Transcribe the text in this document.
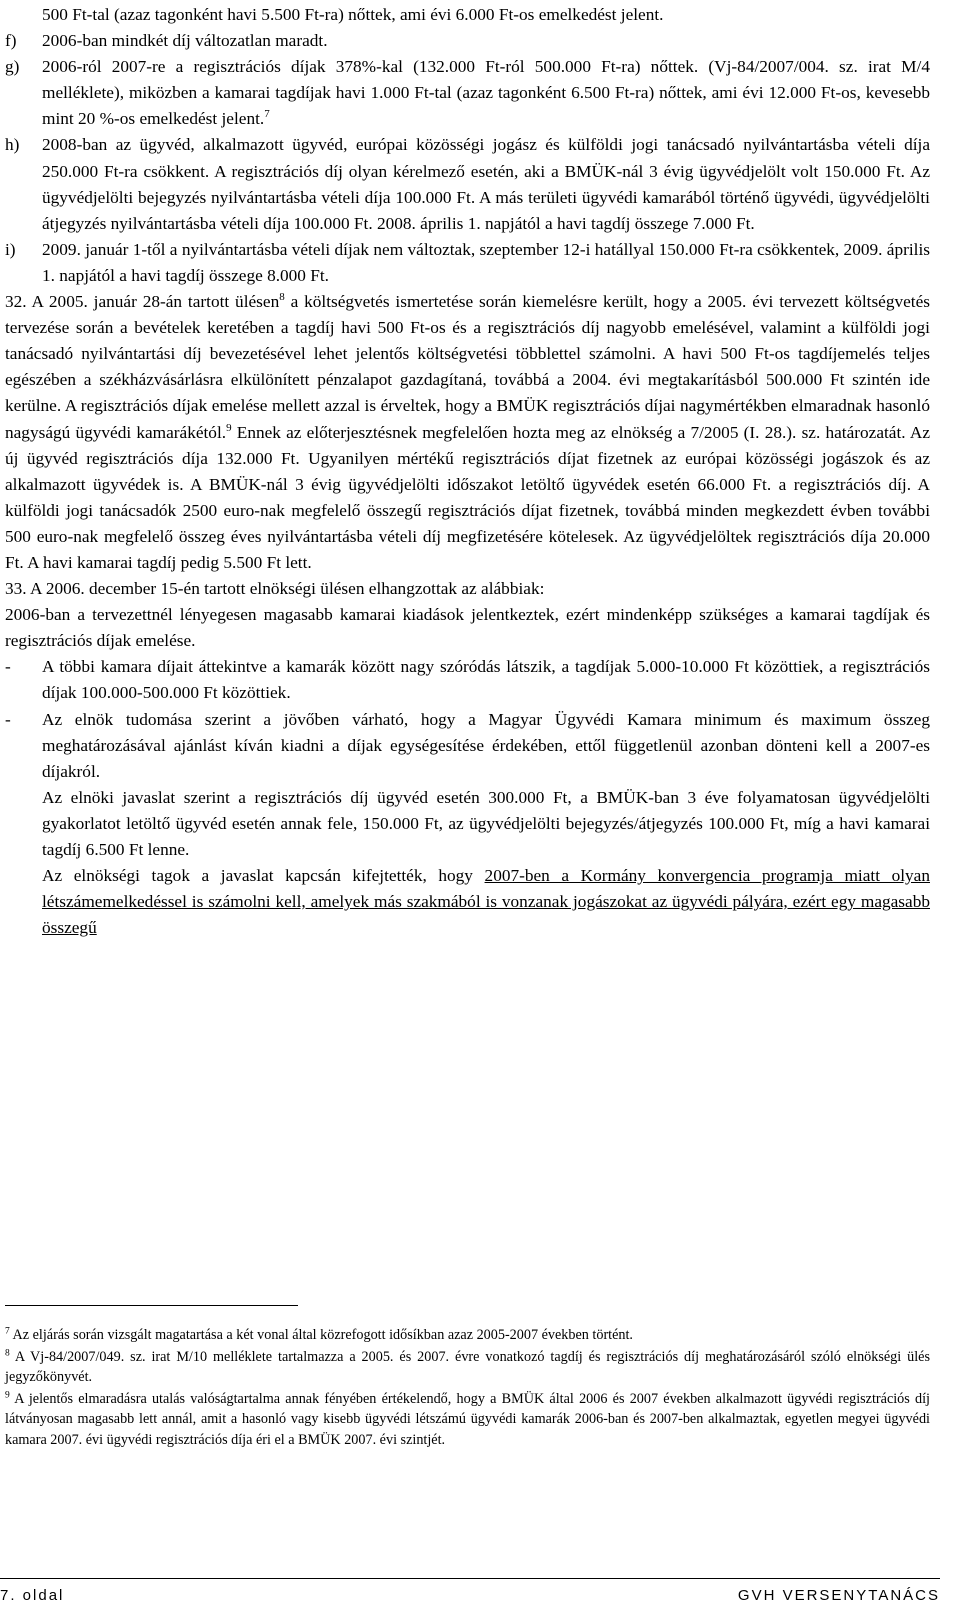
500 Ft-tal (azaz tagonként havi 5.500 Ft-ra) nőttek, ami évi 6.000 Ft-os emelkedést jelent.

f) 2006-ban mindkét díj változatlan maradt.
g) 2006-ról 2007-re a regisztrációs díjak 378%-kal (132.000 Ft-ról 500.000 Ft-ra) nőttek. (Vj-84/2007/004. sz. irat M/4 melléklete), miközben a kamarai tagdíjak havi 1.000 Ft-tal (azaz tagonként 6.500 Ft-ra) nőttek, ami évi 12.000 Ft-os, kevesebb mint 20 %-os emelkedést jelent.$^7$
h) 2008-ban az ügyvéd, alkalmazott ügyvéd, európai közösségi jogász és külföldi jogi tanácsadó nyilvántartásba vételi díja 250.000 Ft-ra csökkent. A regisztrációs díj olyan kérelmező esetén, aki a BMÜK-nál 3 évig ügyvédjelölt volt 150.000 Ft. Az ügyvédjelölti bejegyzés nyilvántartásba vételi díja 100.000 Ft. A más területi ügyvédi kamarából történő ügyvédi, ügyvédjelölti átjegyzés nyilvántartásba vételi díja 100.000 Ft. 2008. április 1. napjától a havi tagdíj összege 7.000 Ft.
i) 2009. január 1-től a nyilvántartásba vételi díjak nem változtak, szeptember 12-i hatállyal 150.000 Ft-ra csökkentek, 2009. április 1. napjától a havi tagdíj összege 8.000 Ft.

32. A 2005. január 28-án tartott ülésen$^8$ a költségvetés ismertetése során kiemelésre került, hogy a 2005. évi tervezett költségvetés tervezése során a bevételek keretében a tagdíj havi 500 Ft-os és a regisztrációs díj nagyobb emelésével, valamint a külföldi jogi tanácsadó nyilvántartási díj bevezetésével lehet jelentős költségvetési többlettel számolni. A havi 500 Ft-os tagdíjemelés teljes egészében a székházvásárlásra elkülönített pénzalapot gazdagítaná, továbbá a 2004. évi megtakarításból 500.000 Ft szintén ide kerülne. A regisztrációs díjak emelése mellett azzal is érveltek, hogy a BMÜK regisztrációs díjai nagymértékben elmaradnak hasonló nagyságú ügyvédi kamarákétól.$^9$ Ennek az előterjesztésnek megfelelően hozta meg az elnökség a 7/2005 (I. 28.). sz. határozatát. Az új ügyvéd regisztrációs díja 132.000 Ft. Ugyanilyen mértékű regisztrációs díjat fizetnek az európai közösségi jogászok és az alkalmazott ügyvédek is. A BMÜK-nál 3 évig ügyvédjelölti időszakot letöltő ügyvédek esetén 66.000 Ft. a regisztrációs díj. A külföldi jogi tanácsadók 2500 euro-nak megfelelő összegű regisztrációs díjat fizetnek, továbbá minden megkezdett évben további 500 euro-nak megfelelő összeg éves nyilvántartásba vételi díj megfizetésére kötelesek. Az ügyvédjelöltek regisztrációs díja 20.000 Ft. A havi kamarai tagdíj pedig 5.500 Ft lett.

33. A 2006. december 15-én tartott elnökségi ülésen elhangzottak az alábbiak:

2006-ban a tervezettnél lényegesen magasabb kamarai kiadások jelentkeztek, ezért mindenképp szükséges a kamarai tagdíjak és regisztrációs díjak emelése.

- A többi kamara díjait áttekintve a kamarák között nagy szóródás látszik, a tagdíjak 5.000-10.000 Ft közöttiek, a regisztrációs díjak 100.000-500.000 Ft közöttiek.
- Az elnök tudomása szerint a jövőben várható, hogy a Magyar Ügyvédi Kamara minimum és maximum összeg meghatározásával ajánlást kíván kiadni a díjak egységesítése érdekében, ettől függetlenül azonban dönteni kell a 2007-es díjakról.

Az elnöki javaslat szerint a regisztrációs díj ügyvéd esetén 300.000 Ft, a BMÜK-ban 3 éve folyamatosan ügyvédjelölti gyakorlatot letöltő ügyvéd esetén annak fele, 150.000 Ft, az ügyvédjelölti bejegyzés/átjegyzés 100.000 Ft, míg a havi kamarai tagdíj 6.500 Ft lenne.

Az elnökségi tagok a javaslat kapcsán kifejtették, hogy 2007-ben a Kormány konvergencia programja miatt olyan létszámemelkedéssel is számolni kell, amelyek más szakmából is vonzanak jogászokat az ügyvédi pályára, ezért egy magasabb összegű

$^7$ Az eljárás során vizsgált magatartása a két vonal által közrefogott idősíkban azaz 2005-2007 években történt.

$^8$ A Vj-84/2007/049. sz. irat M/10 melléklete tartalmazza a 2005. és 2007. évre vonatkozó tagdíj és regisztrációs díj meghatározásáról szóló elnökségi ülés jegyzőkönyvét.

$^9$ A jelentős elmaradásra utalás valóságtartalma annak fényében értékelendő, hogy a BMÜK által 2006 és 2007 években alkalmazott ügyvédi regisztrációs díj látványosan magasabb lett annál, amit a hasonló vagy kisebb ügyvédi létszámú ügyvédi kamarák 2006-ban és 2007-ben alkalmaztak, egyetlen megyei ügyvédi kamara 2007. évi ügyvédi regisztrációs díja éri el a BMÜK 2007. évi szintjét.

7. oldal	GVH VERSENYTANÁCS
